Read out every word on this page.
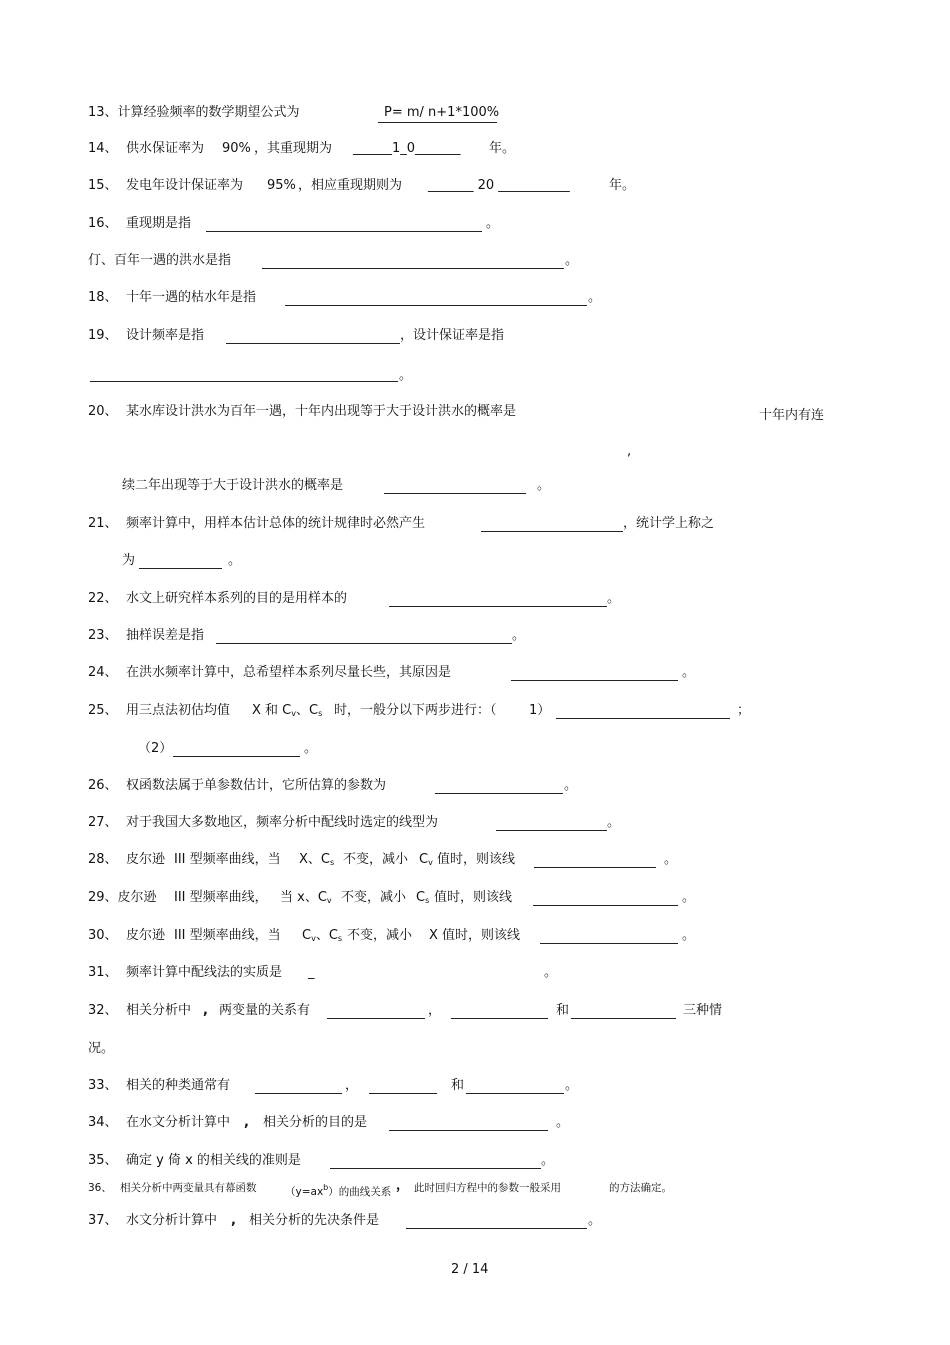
13、计算经验频率的数学期望公式为	P= m/ n+1*100%
14、 供水保证率为 90% ，其重现期为 ______1_0_______ 年。
15、 发电年设计保证率为 95% ，相应重现期则为 _______ 20 ___________	年。
16、 重现期是指	。
仃、百年一遇的洪水是指	。
18、 十年一遇的枯水年是指	。
19、 设计频率是指	，设计保证率是指
。
20、 某水库设计洪水为百年一遇，十年内出现等于大于设计洪水的概率是	十年内有连
,
续二年出现等于大于设计洪水的概率是	。
21、 频率计算中，用样本估计总体的统计规律时必然产生	，统计学上称之
为	。
22、 水文上研究样本系列的目的是用样本的	。
23、 抽样误差是指	。
24、 在洪水频率计算中，总希望样本系列尽量长些，其原因是	。
25、 用三点法初估均值 X 和 $C_v$、$C_s$ 时，一般分以下两步进行：（ 1）	；
（2）	。
26、 权函数法属于单参数估计，它所估算的参数为	。
27、 对于我国大多数地区，频率分析中配线时选定的线型为	。
28、 皮尔逊 III 型频率曲线，当 X、$C_s$ 不变，减小 $C_v$ 值时，则该线	。
29、皮尔逊 III 型频率曲线， 当 x、$C_v$ 不变，减小 $C_s$ 值时，则该线	。
30、 皮尔逊 III 型频率曲线，当 $C_v$、$C_s$ 不变，减小 X 值时，则该线	。
31、 频率计算中配线法的实质是 _	。
32、 相关分析中 , 两变量的关系有	，	和	三种情
况。
33、 相关的种类通常有	，	和	。
34、 在水文分析计算中 , 相关分析的目的是	。
35、 确定 y 倚 x 的相关线的准则是	。
36、 相关分析中两变量具有幕函数	$(y=ax^b)$的曲线关系 ， 此时回归方程中的参数一般采用	的方法确定。
37、 水文分析计算中 , 相关分析的先决条件是	。
2 / 14
